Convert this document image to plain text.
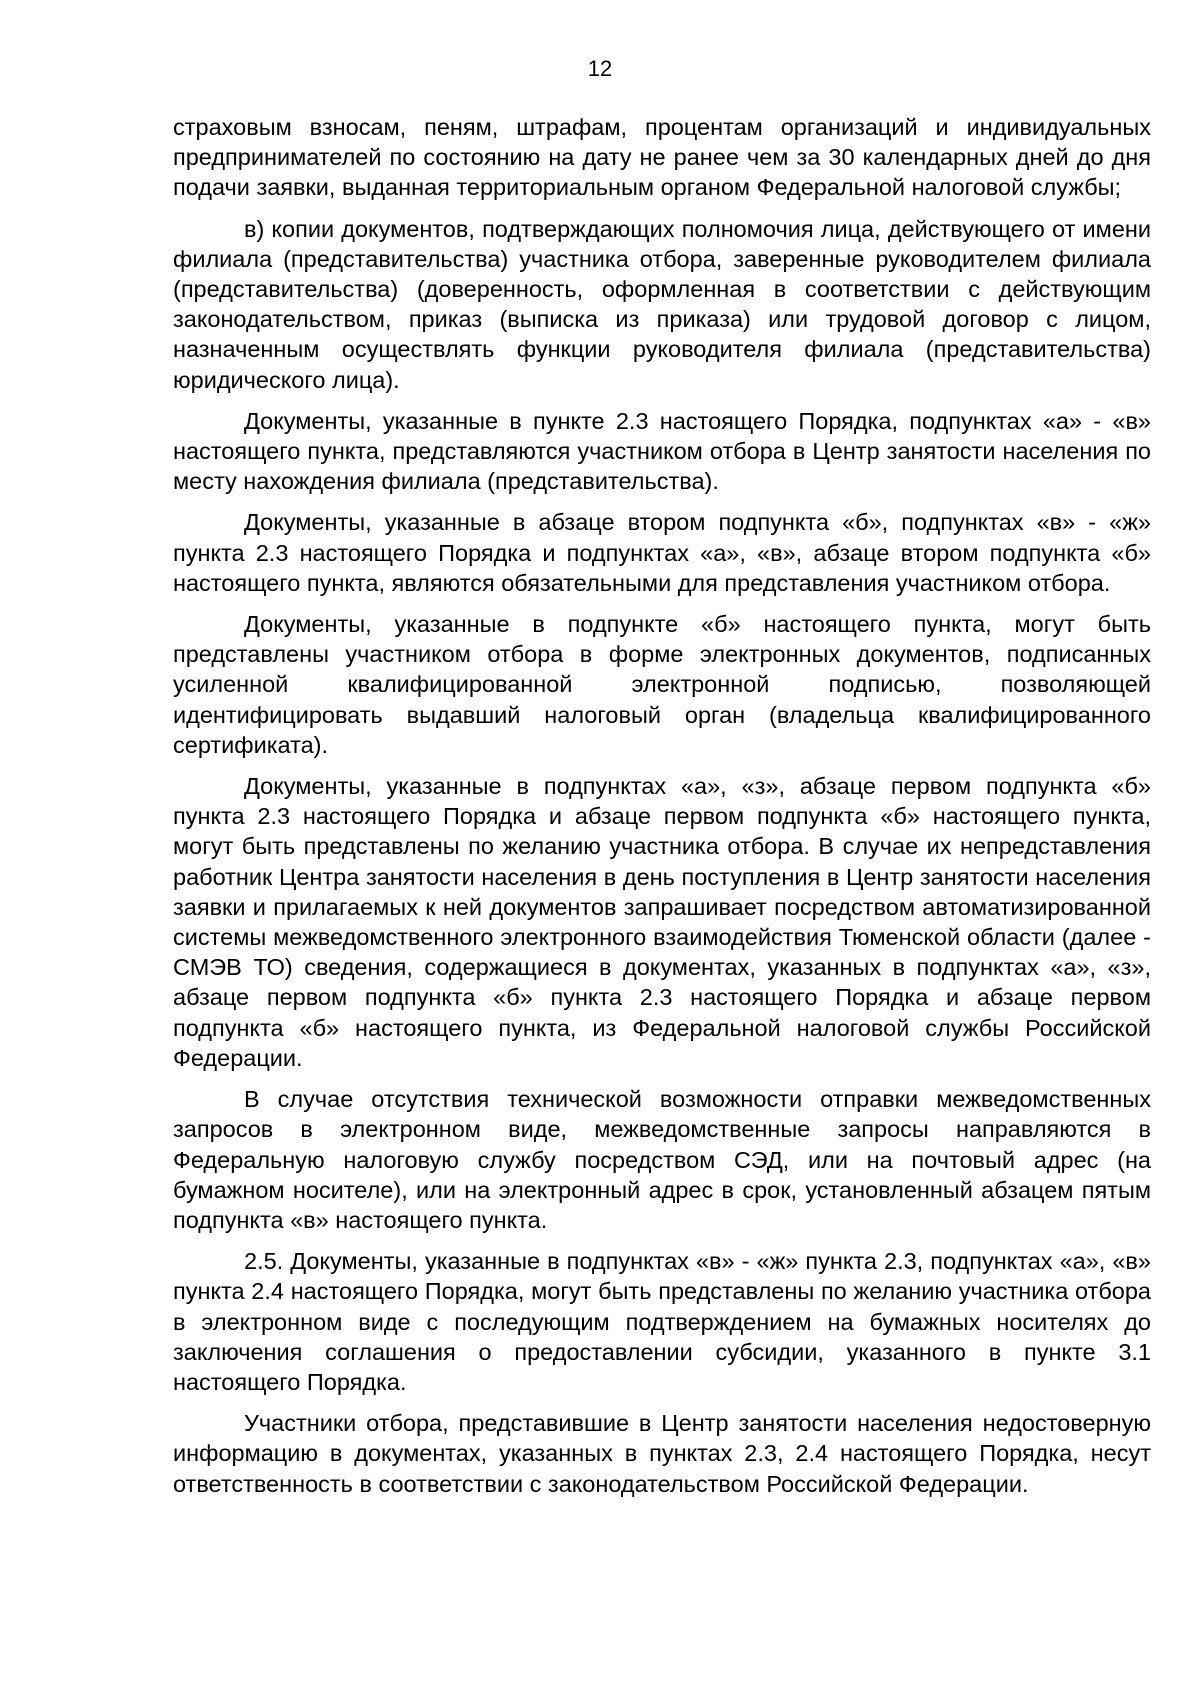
12

страховым взносам, пеням, штрафам, процентам организаций и индивидуальных предпринимателей по состоянию на дату не ранее чем за 30 календарных дней до дня подачи заявки, выданная территориальным органом Федеральной налоговой службы;

в) копии документов, подтверждающих полномочия лица, действующего от имени филиала (представительства) участника отбора, заверенные руководителем филиала (представительства) (доверенность, оформленная в соответствии с действующим законодательством, приказ (выписка из приказа) или трудовой договор с лицом, назначенным осуществлять функции руководителя филиала (представительства) юридического лица).

Документы, указанные в пункте 2.3 настоящего Порядка, подпунктах «а» - «в» настоящего пункта, представляются участником отбора в Центр занятости населения по месту нахождения филиала (представительства).

Документы, указанные в абзаце втором подпункта «б», подпунктах «в» - «ж» пункта 2.3 настоящего Порядка и подпунктах «а», «в», абзаце втором подпункта «б» настоящего пункта, являются обязательными для представления участником отбора.

Документы, указанные в подпункте «б» настоящего пункта, могут быть представлены участником отбора в форме электронных документов, подписанных усиленной квалифицированной электронной подписью, позволяющей идентифицировать выдавший налоговый орган (владельца квалифицированного сертификата).

Документы, указанные в подпунктах «а», «з», абзаце первом подпункта «б» пункта 2.3 настоящего Порядка и абзаце первом подпункта «б» настоящего пункта, могут быть представлены по желанию участника отбора. В случае их непредставления работник Центра занятости населения в день поступления в Центр занятости населения заявки и прилагаемых к ней документов запрашивает посредством автоматизированной системы межведомственного электронного взаимодействия Тюменской области (далее - СМЭВ ТО) сведения, содержащиеся в документах, указанных в подпунктах «а», «з», абзаце первом подпункта «б» пункта 2.3 настоящего Порядка и абзаце первом подпункта «б» настоящего пункта, из Федеральной налоговой службы Российской Федерации.

В случае отсутствия технической возможности отправки межведомственных запросов в электронном виде, межведомственные запросы направляются в Федеральную налоговую службу посредством СЭД, или на почтовый адрес (на бумажном носителе), или на электронный адрес в срок, установленный абзацем пятым подпункта «в» настоящего пункта.

2.5. Документы, указанные в подпунктах «в» - «ж» пункта 2.3, подпунктах «а», «в» пункта 2.4 настоящего Порядка, могут быть представлены по желанию участника отбора в электронном виде с последующим подтверждением на бумажных носителях до заключения соглашения о предоставлении субсидии, указанного в пункте 3.1 настоящего Порядка.

Участники отбора, представившие в Центр занятости населения недостоверную информацию в документах, указанных в пунктах 2.3, 2.4 настоящего Порядка, несут ответственность в соответствии с законодательством Российской Федерации.
